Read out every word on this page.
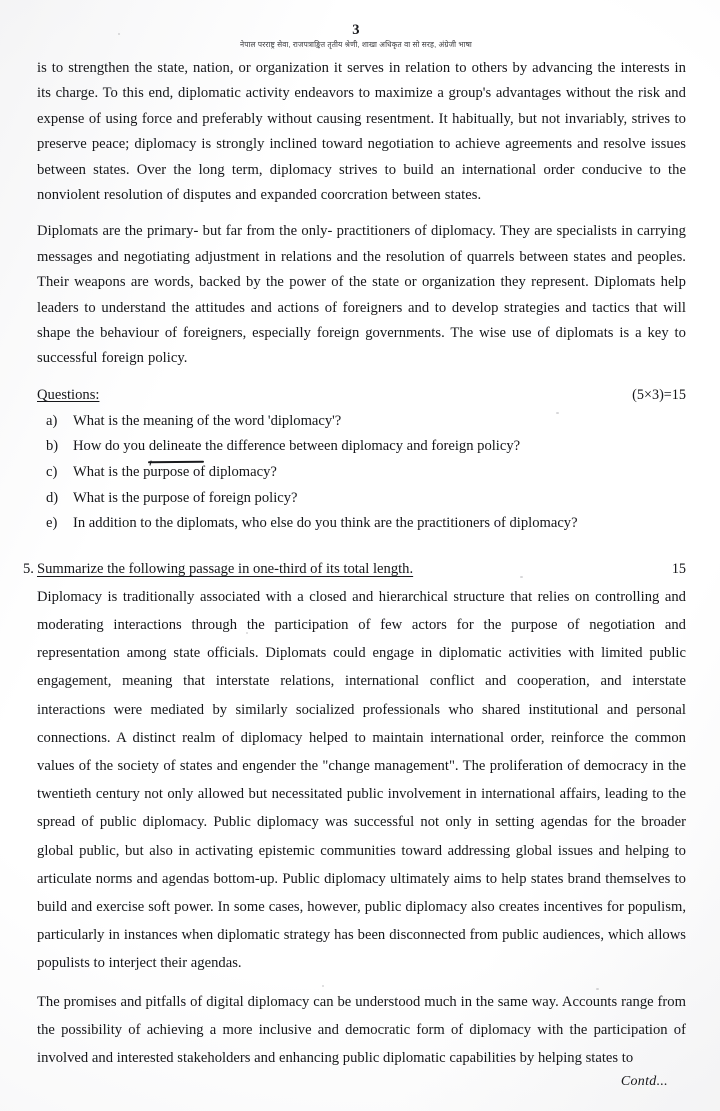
3
नेपाल परराष्ट्र सेवा, राजपत्राङ्कित तृतीय श्रेणी, शाखा अधिकृत वा सो सरह, अंग्रेजी भाषा

is to strengthen the state, nation, or organization it serves in relation to others by advancing the interests in its charge. To this end, diplomatic activity endeavors to maximize a group's advantages without the risk and expense of using force and preferably without causing resentment. It habitually, but not invariably, strives to preserve peace; diplomacy is strongly inclined toward negotiation to achieve agreements and resolve issues between states. Over the long term, diplomacy strives to build an international order conducive to the nonviolent resolution of disputes and expanded coorcration between states.

Diplomats are the primary- but far from the only- practitioners of diplomacy. They are specialists in carrying messages and negotiating adjustment in relations and the resolution of quarrels between states and peoples. Their weapons are words, backed by the power of the state or organization they represent. Diplomats help leaders to understand the attitudes and actions of foreigners and to develop strategies and tactics that will shape the behaviour of foreigners, especially foreign governments. The wise use of diplomats is a key to successful foreign policy.

Questions:	(5×3)=15
a)	What is the meaning of the word 'diplomacy'?
b)	How do you delineate the difference between diplomacy and foreign policy?
c)	What is the purpose of diplomacy?
d)	What is the purpose of foreign policy?
e)	In addition to the diplomats, who else do you think are the practitioners of diplomacy?
5. Summarize the following passage in one-third of its total length.	15

Diplomacy is traditionally associated with a closed and hierarchical structure that relies on controlling and moderating interactions through the participation of few actors for the purpose of negotiation and representation among state officials. Diplomats could engage in diplomatic activities with limited public engagement, meaning that interstate relations, international conflict and cooperation, and interstate interactions were mediated by similarly socialized professionals who shared institutional and personal connections. A distinct realm of diplomacy helped to maintain international order, reinforce the common values of the society of states and engender the "change management". The proliferation of democracy in the twentieth century not only allowed but necessitated public involvement in international affairs, leading to the spread of public diplomacy. Public diplomacy was successful not only in setting agendas for the broader global public, but also in activating epistemic communities toward addressing global issues and helping to articulate norms and agendas bottom-up. Public diplomacy ultimately aims to help states brand themselves to build and exercise soft power. In some cases, however, public diplomacy also creates incentives for populism, particularly in instances when diplomatic strategy has been disconnected from public audiences, which allows populists to interject their agendas.

The promises and pitfalls of digital diplomacy can be understood much in the same way. Accounts range from the possibility of achieving a more inclusive and democratic form of diplomacy with the participation of involved and interested stakeholders and enhancing public diplomatic capabilities by helping states to

Contd...
